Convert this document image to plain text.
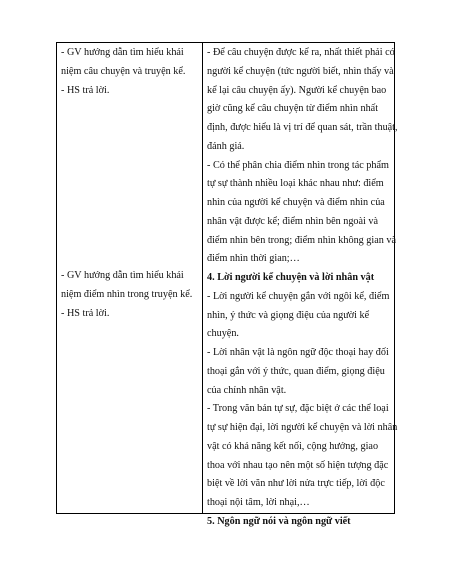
- GV hướng dẫn tìm hiểu khái
niệm câu chuyện và truyện kể.
- HS trả lời.
- GV hướng dẫn tìm hiểu khái
niệm điểm nhìn trong truyện kể.
- HS trả lời.
- Để câu chuyện được kể ra, nhất thiết phải có
người kể chuyện (tức người biết, nhìn thấy và
kể lại câu chuyện ấy). Người kể chuyện bao
giờ cũng kể câu chuyện từ điểm nhìn nhất
định, được hiểu là vị trí để quan sát, trần thuật,
đánh giá.
- Có thể phân chia điểm nhìn trong tác phẩm
tự sự thành nhiều loại khác nhau như: điểm
nhìn của người kể chuyện và điểm nhìn của
nhân vật được kể; điểm nhìn bên ngoài và
điểm nhìn bên trong; điểm nhìn không gian và
điểm nhìn thời gian;…
4. Lời người kể chuyện và lời nhân vật
- Lời người kể chuyện gắn với ngôi kể, điểm
nhìn, ý thức và giọng điệu của người kể
chuyện.
- Lời nhân vật là ngôn ngữ độc thoại hay đối
thoại gắn với ý thức, quan điểm, giọng điệu
của chính nhân vật.
- Trong văn bản tự sự, đặc biệt ở các thể loại
tự sự hiện đại, lời người kể chuyện và lời nhân
vật có khả năng kết nối, cộng hưởng, giao
thoa với nhau tạo nên một số hiện tượng đặc
biệt về lời văn như lời nửa trực tiếp, lời độc
thoại nội tâm, lời nhại,…
5. Ngôn ngữ nói và ngôn ngữ viết
